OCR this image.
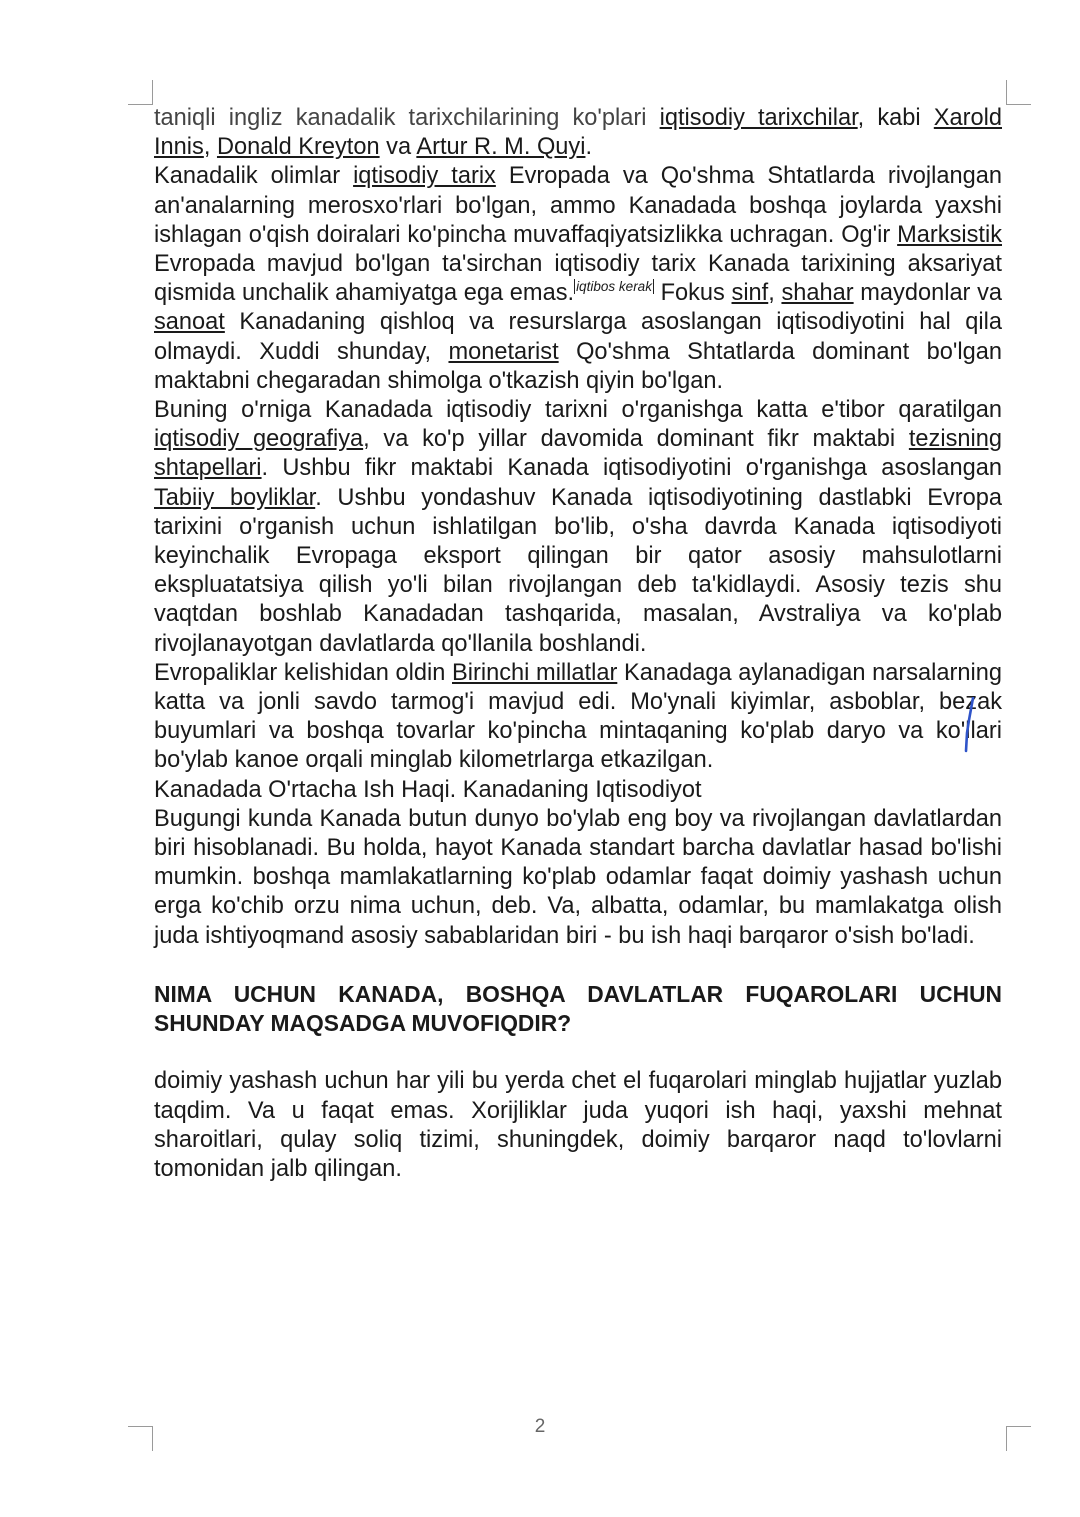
taniqli ingliz kanadalik tarixchilarining ko'plari iqtisodiy tarixchilar, kabi Xarold Innis, Donald Kreyton va Artur R. M. Quyi.

Kanadalik olimlar iqtisodiy tarix Evropada va Qo'shma Shtatlarda rivojlangan an'analarning merosxo'rlari bo'lgan, ammo Kanadada boshqa joylarda yaxshi ishlagan o'qish doiralari ko'pincha muvaffaqiyatsizlikka uchragan. Og'ir Marksistik Evropada mavjud bo'lgan ta'sirchan iqtisodiy tarix Kanada tarixining aksariyat qismida unchalik ahamiyatga ega emas. $^{iqtibos kerak}$ Fokus sinf, shahar maydonlar va sanoat Kanadaning qishloq va resurslarga asoslangan iqtisodiyotini hal qila olmaydi. Xuddi shunday, monetarist Qo'shma Shtatlarda dominant bo'lgan maktabni chegaradan shimolga o'tkazish qiyin bo'lgan.

Buning o'rniga Kanadada iqtisodiy tarixni o'rganishga katta e'tibor qaratilgan iqtisodiy geografiya, va ko'p yillar davomida dominant fikr maktabi tezisning shtapellari. Ushbu fikr maktabi Kanada iqtisodiyotini o'rganishga asoslangan Tabiiy boyliklar. Ushbu yondashuv Kanada iqtisodiyotining dastlabki Evropa tarixini o'rganish uchun ishlatilgan bo'lib, o'sha davrda Kanada iqtisodiyoti keyinchalik Evropaga eksport qilingan bir qator asosiy mahsulotlarni ekspluatatsiya qilish yo'li bilan rivojlangan deb ta'kidlaydi. Asosiy tezis shu vaqtdan boshlab Kanadadan tashqarida, masalan, Avstraliya va ko'plab rivojlanayotgan davlatlarda qo'llanila boshlandi.

Evropaliklar kelishidan oldin Birinchi millatlar Kanadaga aylanadigan narsalarning katta va jonli savdo tarmog'i mavjud edi. Mo'ynali kiyimlar, asboblar, bezak buyumlari va boshqa tovarlar ko'pincha mintaqaning ko'plab daryo va ko'llari bo'ylab kanoe orqali minglab kilometrlarga etkazilgan.

Kanadada O'rtacha Ish Haqi. Kanadaning Iqtisodiyot

Bugungi kunda Kanada butun dunyo bo'ylab eng boy va rivojlangan davlatlardan biri hisoblanadi. Bu holda, hayot Kanada standart barcha davlatlar hasad bo'lishi mumkin. boshqa mamlakatlarning ko'plab odamlar faqat doimiy yashash uchun erga ko'chib orzu nima uchun, deb. Va, albatta, odamlar, bu mamlakatga olish juda ishtiyoqmand asosiy sabablaridan biri - bu ish haqi barqaror o'sish bo'ladi.

NIMA UCHUN KANADA, BOSHQA DAVLATLAR FUQAROLARI UCHUN SHUNDAY MAQSADGA MUVOFIQDIR?

doimiy yashash uchun har yili bu yerda chet el fuqarolari minglab hujjatlar yuzlab taqdim. Va u faqat emas. Xorijliklar juda yuqori ish haqi, yaxshi mehnat sharoitlari, qulay soliq tizimi, shuningdek, doimiy barqaror naqd to'lovlarni tomonidan jalb qilingan.

2
